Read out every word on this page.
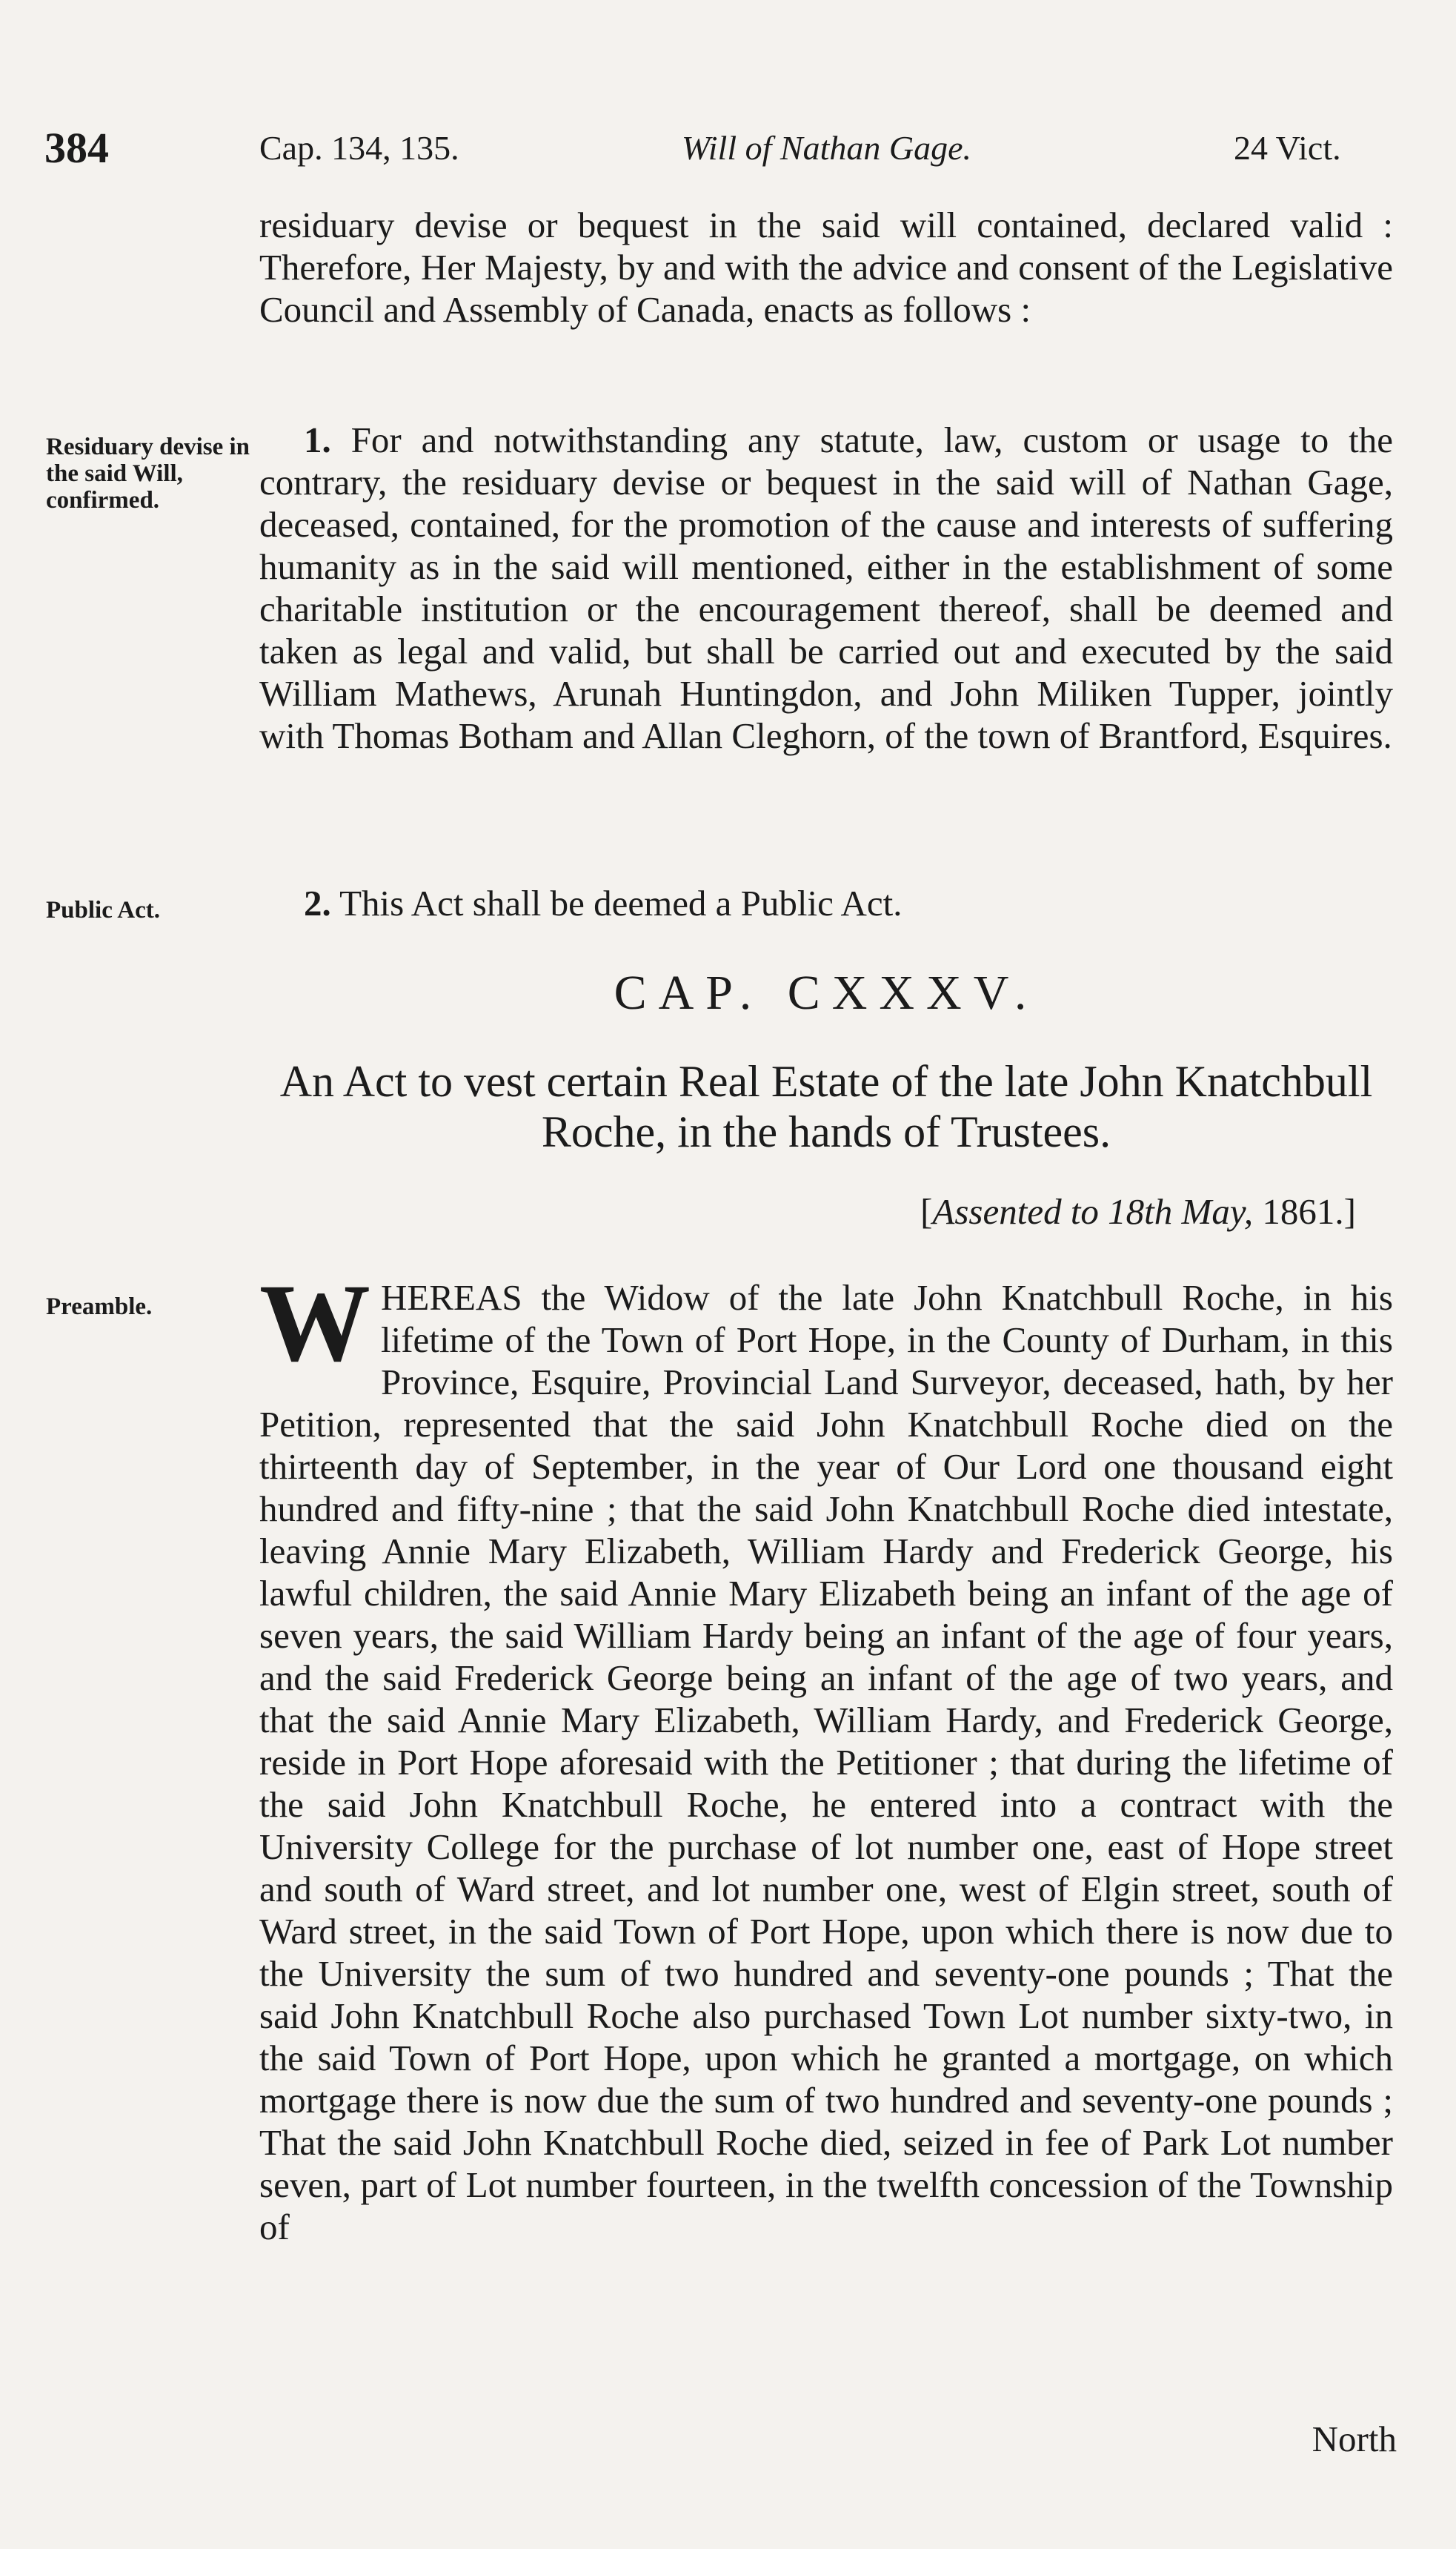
384	Cap. 134, 135.	Will of Nathan Gage.	24 Vict.
residuary devise or bequest in the said will contained, declared valid : Therefore, Her Majesty, by and with the advice and consent of the Legislative Council and Assembly of Canada, enacts as follows :
Residuary devise in the said Will, confirmed.
1. For and notwithstanding any statute, law, custom or usage to the contrary, the residuary devise or bequest in the said will of Nathan Gage, deceased, contained, for the promotion of the cause and interests of suffering humanity as in the said will mentioned, either in the establishment of some charitable institution or the encouragement thereof, shall be deemed and taken as legal and valid, but shall be carried out and executed by the said William Mathews, Arunah Huntingdon, and John Miliken Tupper, jointly with Thomas Botham and Allan Cleghorn, of the town of Brantford, Esquires.
Public Act.	2. This Act shall be deemed a Public Act.
CAP. CXXXV.
An Act to vest certain Real Estate of the late John Knatchbull Roche, in the hands of Trustees.
[Assented to 18th May, 1861.]
Preamble. W HEREAS the Widow of the late John Knatchbull Roche, in his lifetime of the Town of Port Hope, in the County of Durham, in this Province, Esquire, Provincial Land Surveyor, deceased, hath, by her Petition, represented that the said John Knatchbull Roche died on the thirteenth day of September, in the year of Our Lord one thousand eight hundred and fifty-nine ; that the said John Knatchbull Roche died intestate, leaving Annie Mary Elizabeth, William Hardy and Frederick George, his lawful children, the said Annie Mary Elizabeth being an infant of the age of seven years, the said William Hardy being an infant of the age of four years, and the said Frederick George being an infant of the age of two years, and that the said Annie Mary Elizabeth, William Hardy, and Frederick George, reside in Port Hope aforesaid with the Petitioner ; that during the lifetime of the said John Knatchbull Roche, he entered into a contract with the University College for the purchase of lot number one, east of Hope street and south of Ward street, and lot number one, west of Elgin street, south of Ward street, in the said Town of Port Hope, upon which there is now due to the University the sum of two hundred and seventy-one pounds ; That the said John Knatchbull Roche also purchased Town Lot number sixty-two, in the said Town of Port Hope, upon which he granted a mortgage, on which mortgage there is now due the sum of two hundred and seventy-one pounds ; That the said John Knatchbull Roche died, seized in fee of Park Lot number seven, part of Lot number fourteen, in the twelfth concession of the Township of
North
